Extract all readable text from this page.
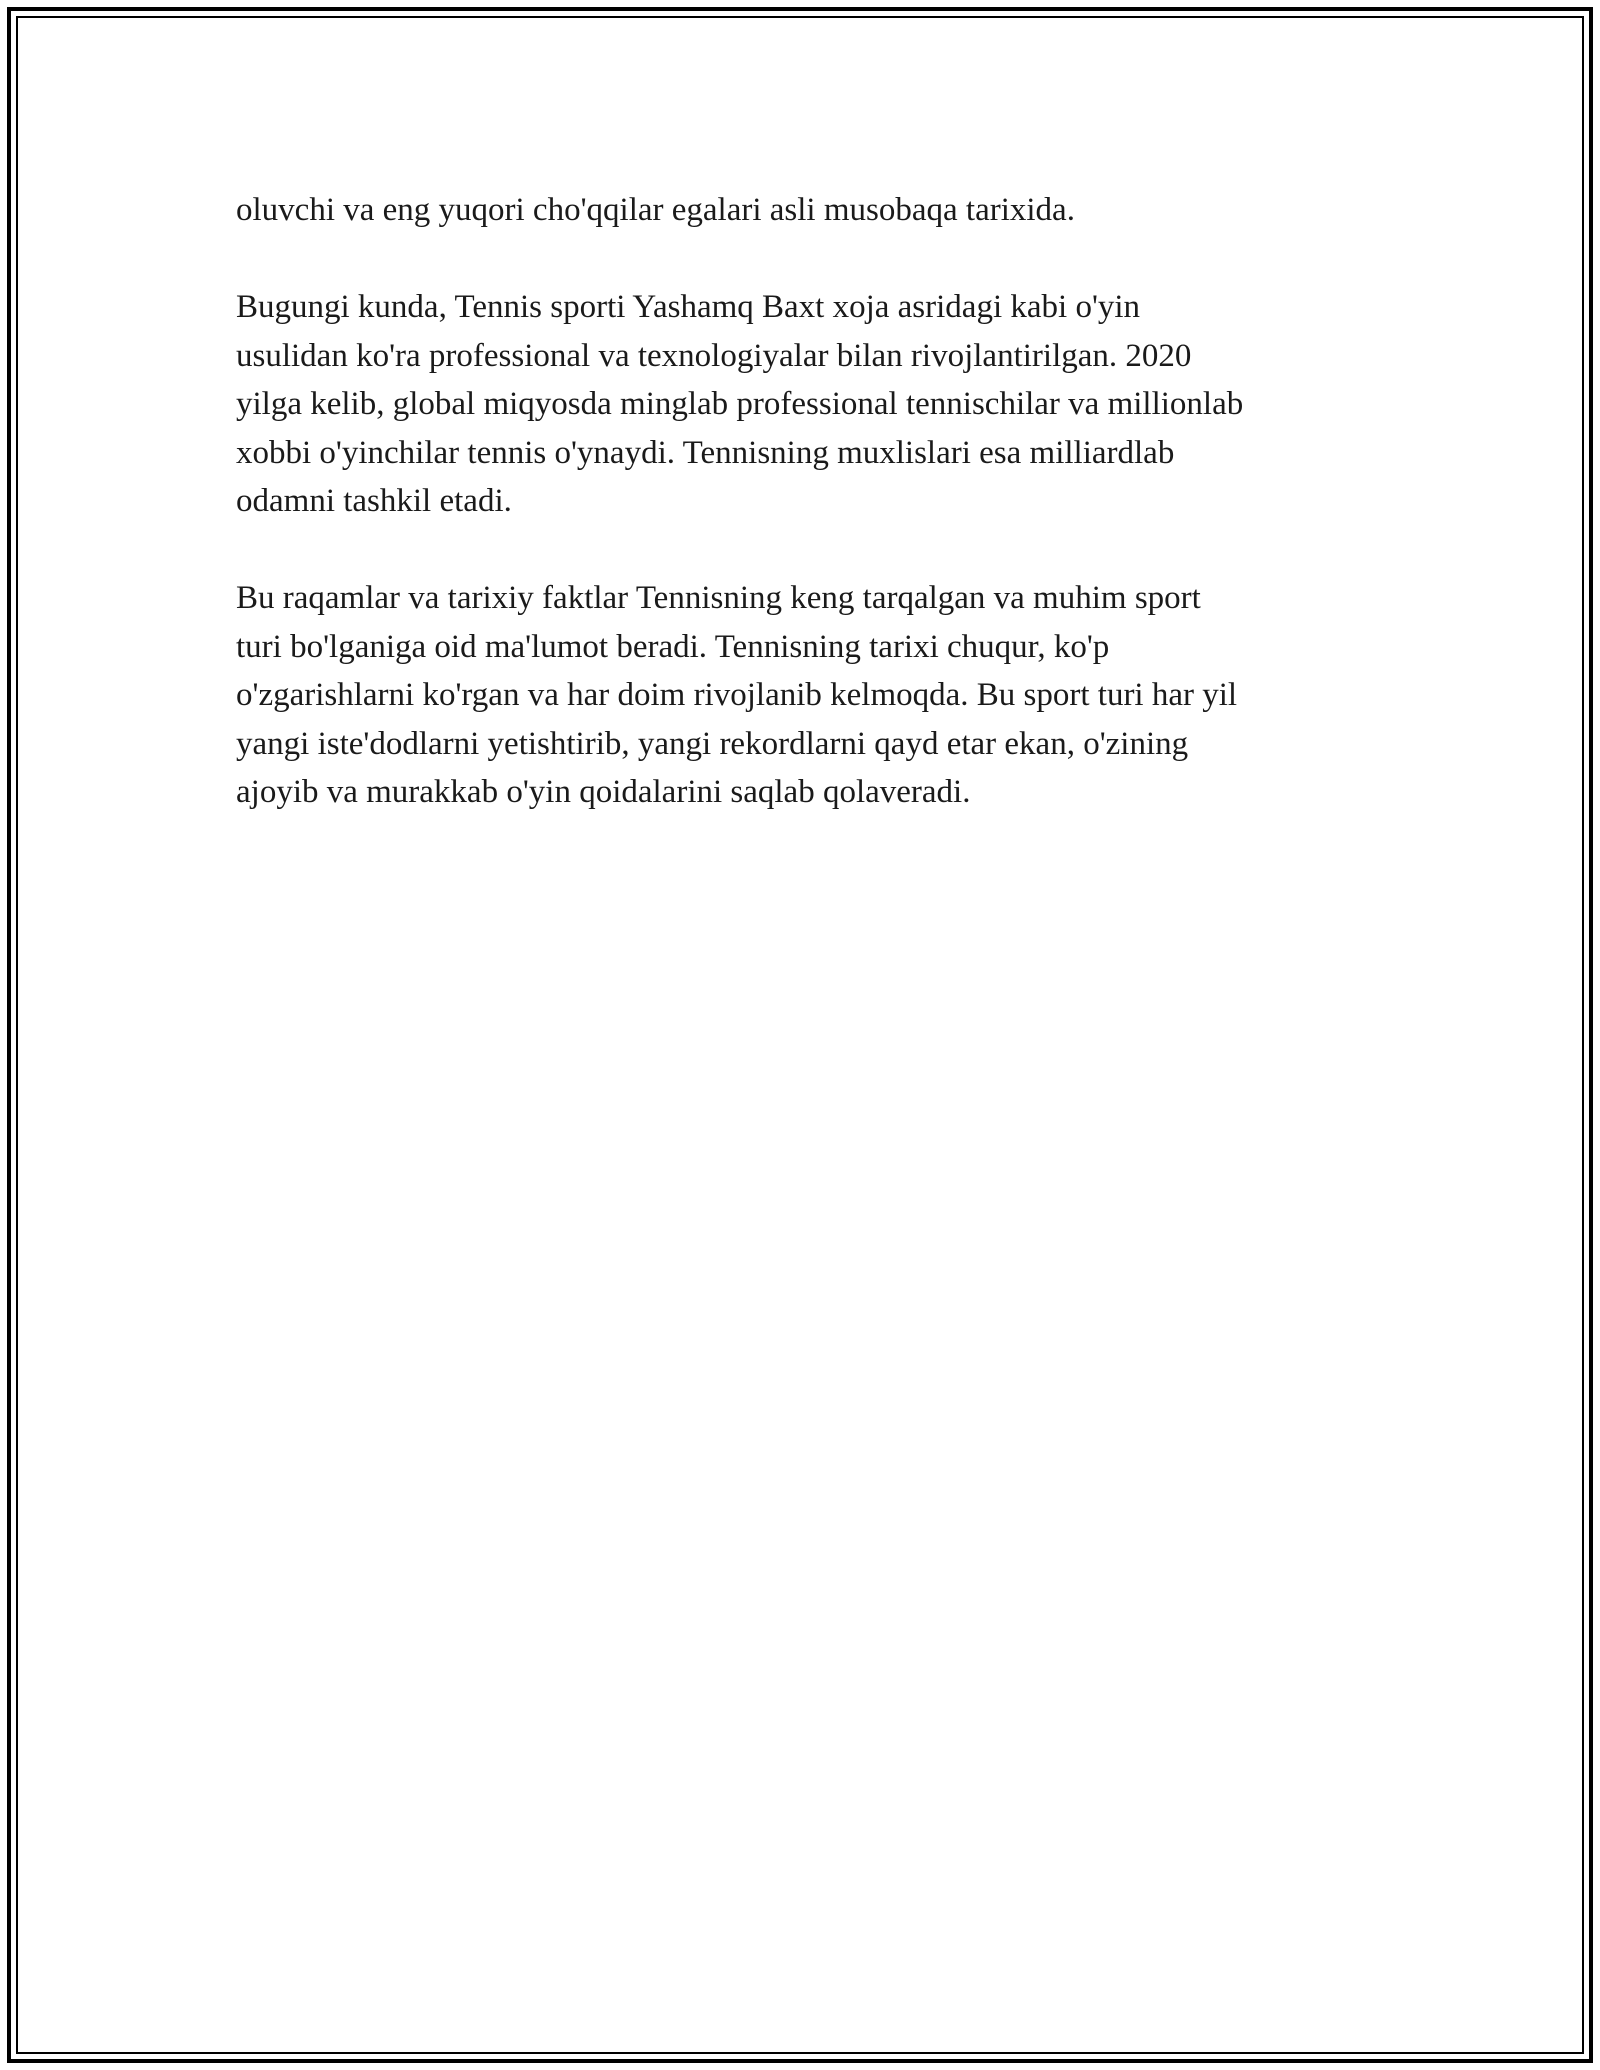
oluvchi va eng yuqori cho'qqilar egalari asli musobaqa tarixida.

Bugungi kunda, Tennis sporti Yashamq Baxt xoja asridagi kabi o'yin
usulidan ko'ra professional va texnologiyalar bilan rivojlantirilgan. 2020
yilga kelib, global miqyosda minglab professional tennischilar va millionlab
xobbi o'yinchilar tennis o'ynaydi. Tennisning muxlislari esa milliardlab
odamni tashkil etadi.

Bu raqamlar va tarixiy faktlar Tennisning keng tarqalgan va muhim sport
turi bo'lganiga oid ma'lumot beradi. Tennisning tarixi chuqur, ko'p
o'zgarishlarni ko'rgan va har doim rivojlanib kelmoqda. Bu sport turi har yil
yangi iste'dodlarni yetishtirib, yangi rekordlarni qayd etar ekan, o'zining
ajoyib va murakkab o'yin qoidalarini saqlab qolaveradi.
